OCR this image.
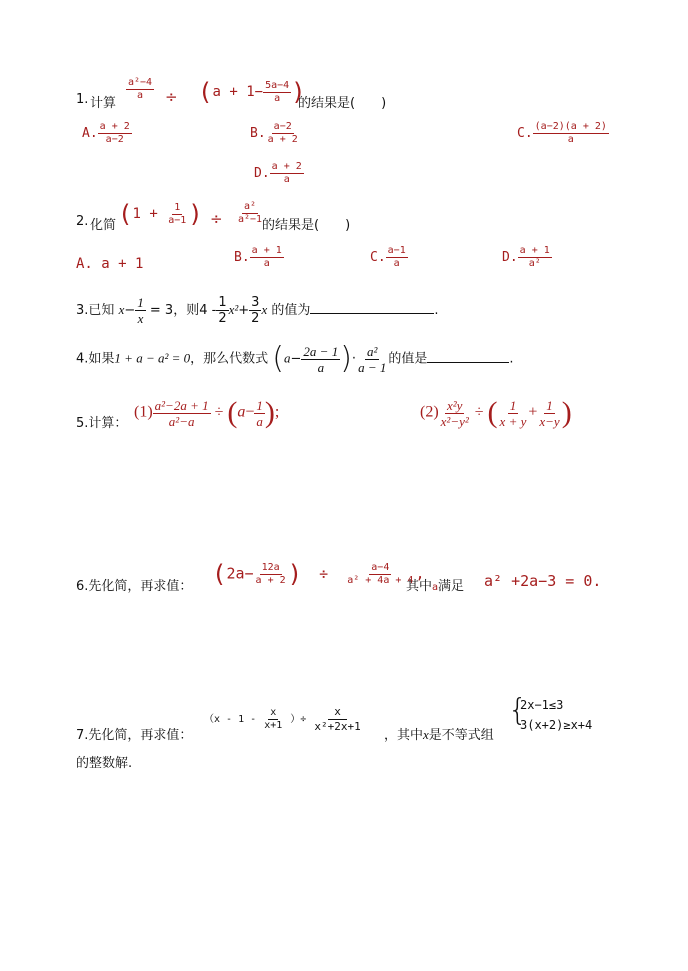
1. 计算
$\frac{\text{a²−4}}{a} \div (a + 1- \frac{5a-4}{a}$ )
的结果是( )
A. $\frac{a + 2}{a-2}$	B. $\frac{a-2}{a + 2}$	C. $\frac{(a-2)(a + 2)}{a}$
D. $\frac{a + 2}{a}$
2. 化简 ($1 + \frac{1}{a-1}$ ) ÷ $\frac{\text{a²}}{\text{a²−1}}$
的结果是( )
A. a + 1	B. $\frac{a + 1}{a}$	C. $\frac{a-1}{a}$	D. $\frac{a + 1}{\text{a²}}$
3.已知 $x- \frac{1}{x} = 3$，则$4 - \frac{1}{2} x^2+ \frac{3}{2}$ x 的值为	.
4.如果1 + a − a² = 0，那么代数式 ($a- \frac{2a - 1}{a}$ )· $\frac{\text{a²}}{a - 1}$ 的值是	.
5.计算：
$(1) \frac{\text{a²−2a + 1}}{\text{a²−a}} \div (a- \frac{1}{a}$ );	$(2) \frac{\text{x²y}}{\text{x²−y²}}$ ÷ ( $\frac{1}{x + y} + \frac{1}{x-y}$ )
6.先化简，再求值： ($2a- \frac{12a}{a + 2}$ ) ÷ $\frac{a-4}{\text{a² + 4a + 4}}$ ,
其中a满足 a² +2a−3 = 0.
7.先化简，再求值：
（$x - 1 - \frac{x}{x+1}$ ）÷ $\frac{x}{\text{x²+2x+1}}$
，其中x是不等式组
{
2x−1≤3
3(x+2)≥x+4
的整数解.
